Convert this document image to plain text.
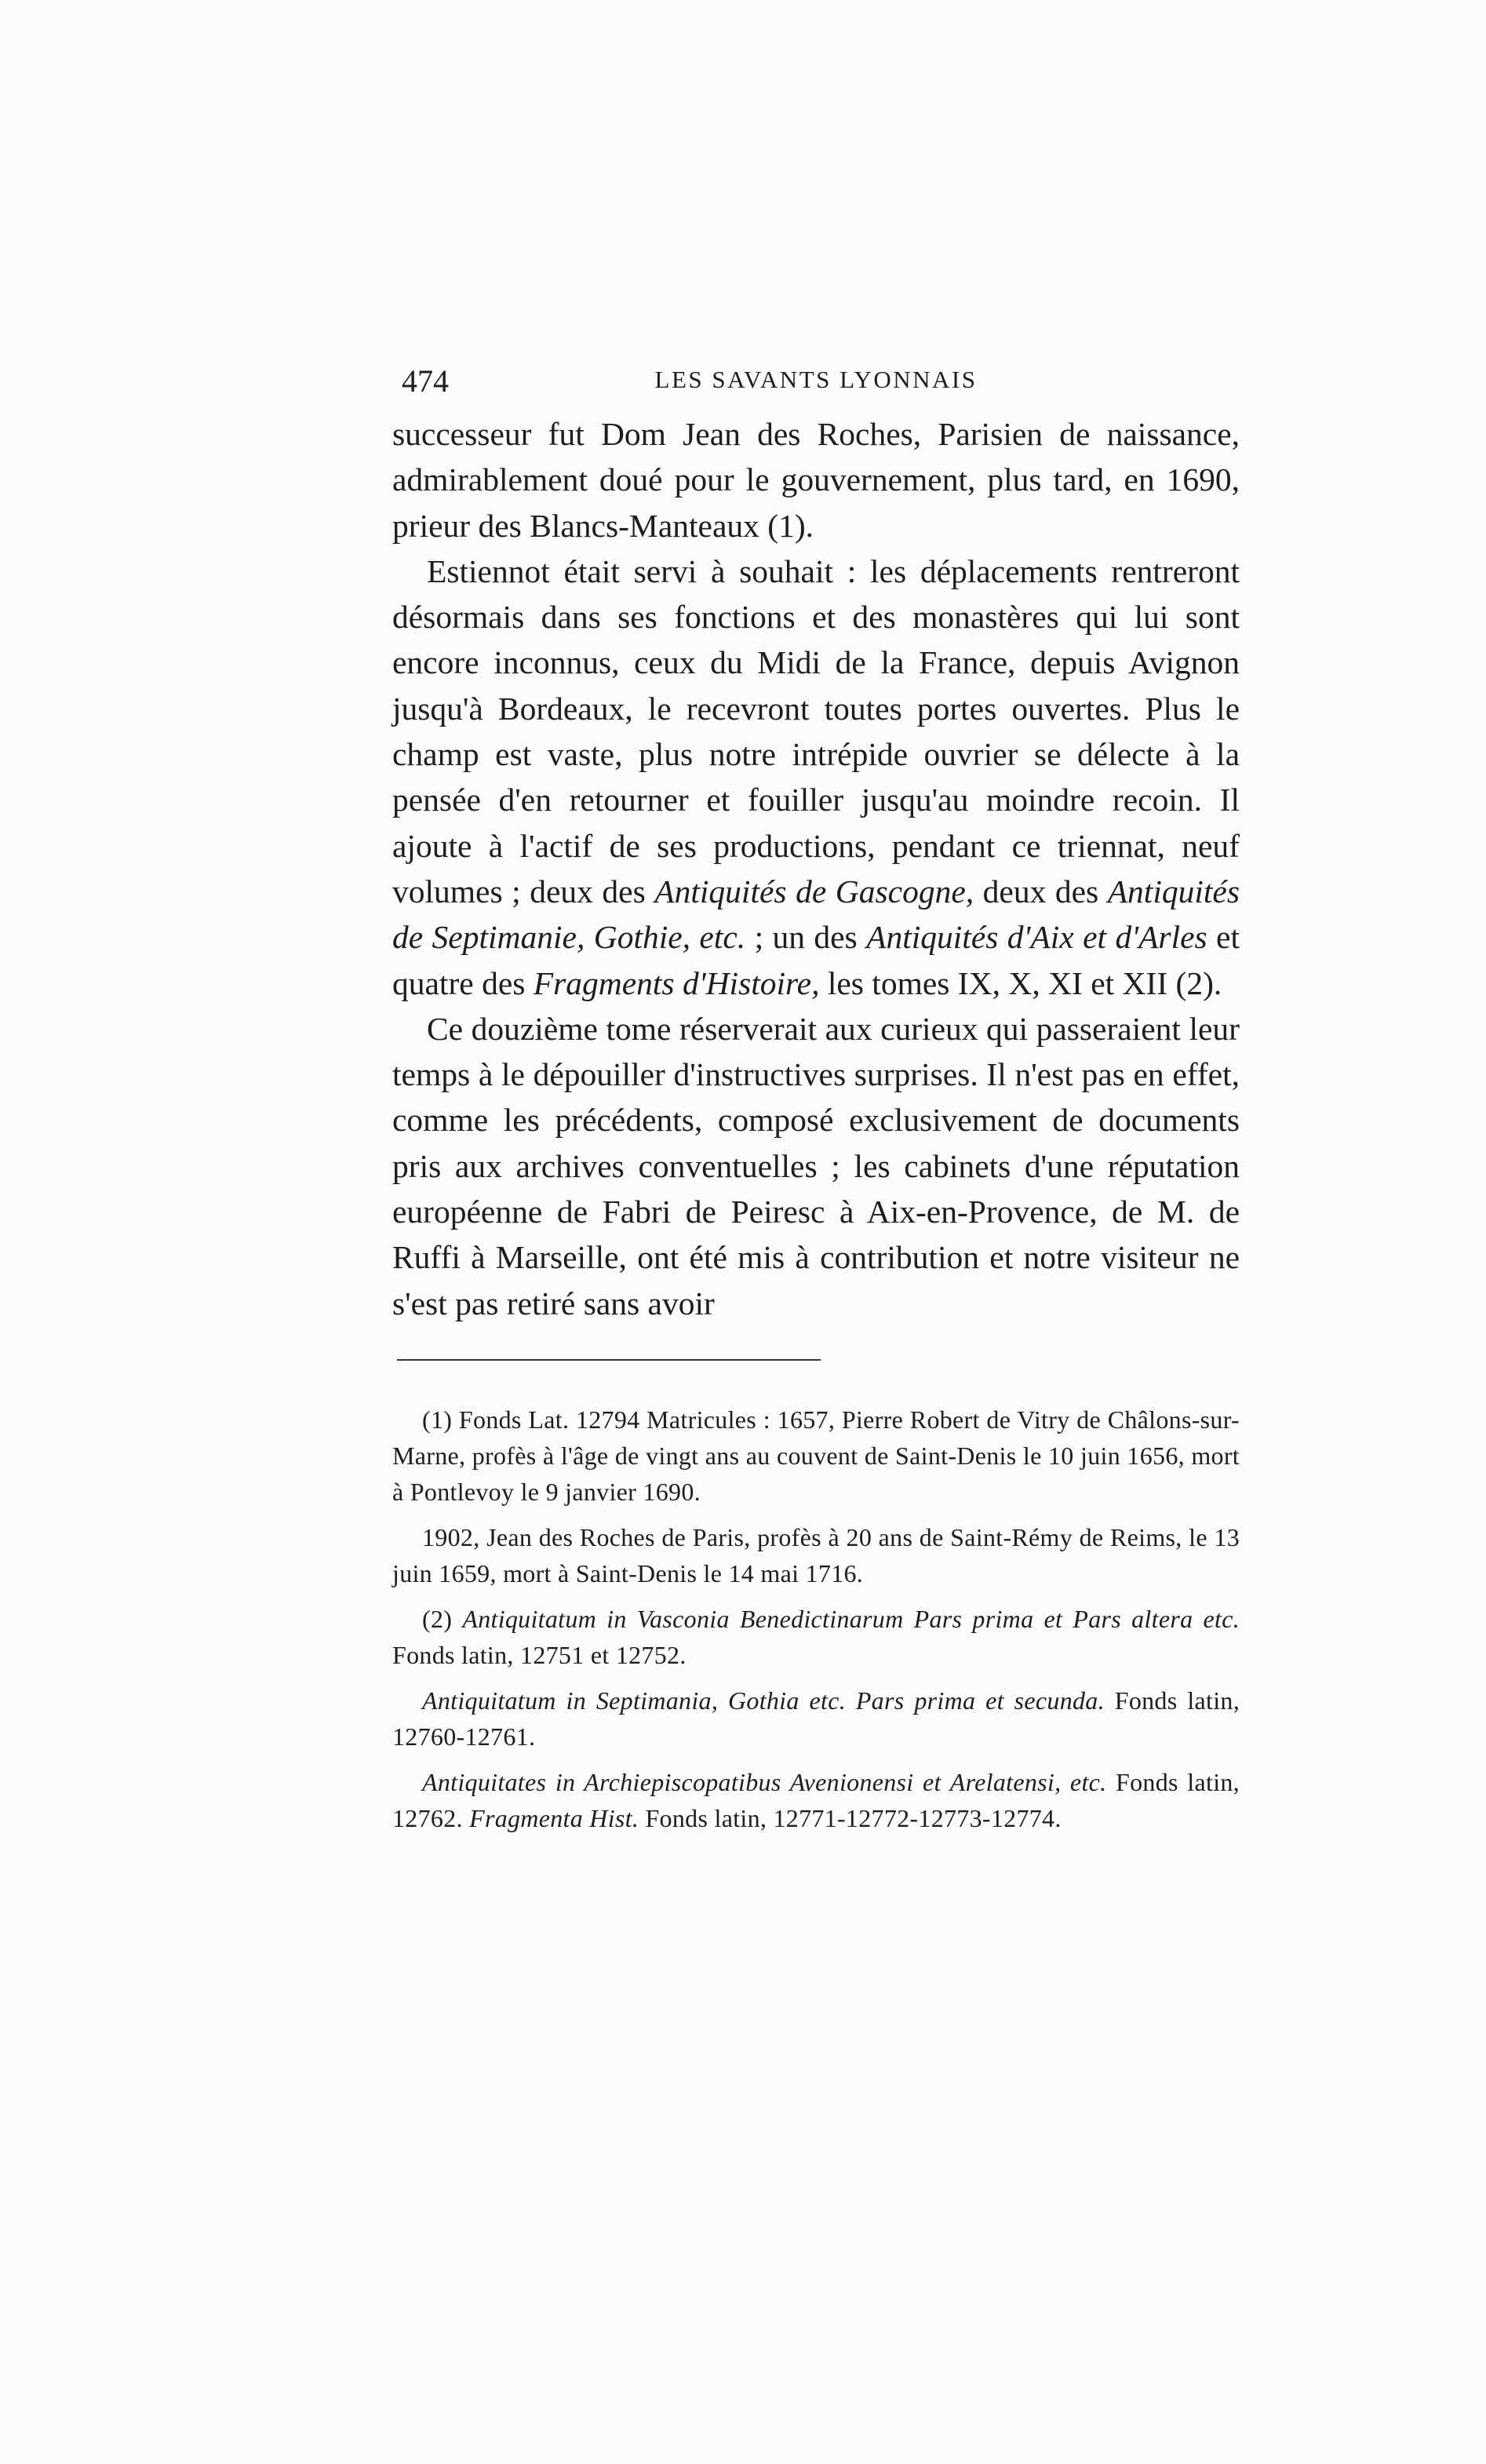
474	LES SAVANTS LYONNAIS

successeur fut Dom Jean des Roches, Parisien de naissance, admirablement doué pour le gouvernement, plus tard, en 1690, prieur des Blancs-Manteaux (1).

Estiennot était servi à souhait : les déplacements rentreront désormais dans ses fonctions et des monastères qui lui sont encore inconnus, ceux du Midi de la France, depuis Avignon jusqu'à Bordeaux, le recevront toutes portes ouvertes. Plus le champ est vaste, plus notre intrépide ouvrier se délecte à la pensée d'en retourner et fouiller jusqu'au moindre recoin. Il ajoute à l'actif de ses productions, pendant ce triennat, neuf volumes ; deux des Antiquités de Gascogne, deux des Antiquités de Septimanie, Gothie, etc. ; un des Antiquités d'Aix et d'Arles et quatre des Fragments d'Histoire, les tomes IX, X, XI et XII (2).

Ce douzième tome réserverait aux curieux qui passeraient leur temps à le dépouiller d'instructives surprises. Il n'est pas en effet, comme les précédents, composé exclusivement de documents pris aux archives conventuelles ; les cabinets d'une réputation européenne de Fabri de Peiresc à Aix-en-Provence, de M. de Ruffi à Marseille, ont été mis à contribution et notre visiteur ne s'est pas retiré sans avoir

(1) Fonds Lat. 12794 Matricules : 1657, Pierre Robert de Vitry de Châlons-sur-Marne, profès à l'âge de vingt ans au couvent de Saint-Denis le 10 juin 1656, mort à Pontlevoy le 9 janvier 1690.

1902, Jean des Roches de Paris, profès à 20 ans de Saint-Rémy de Reims, le 13 juin 1659, mort à Saint-Denis le 14 mai 1716.

(2) Antiquitatum in Vasconia Benedictinarum Pars prima et Pars altera etc. Fonds latin, 12751 et 12752.

Antiquitatum in Septimania, Gothia etc. Pars prima et secunda. Fonds latin, 12760-12761.

Antiquitates in Archiepiscopatibus Avenionensi et Arelatensi, etc. Fonds latin, 12762. Fragmenta Hist. Fonds latin, 12771-12772-12773-12774.
